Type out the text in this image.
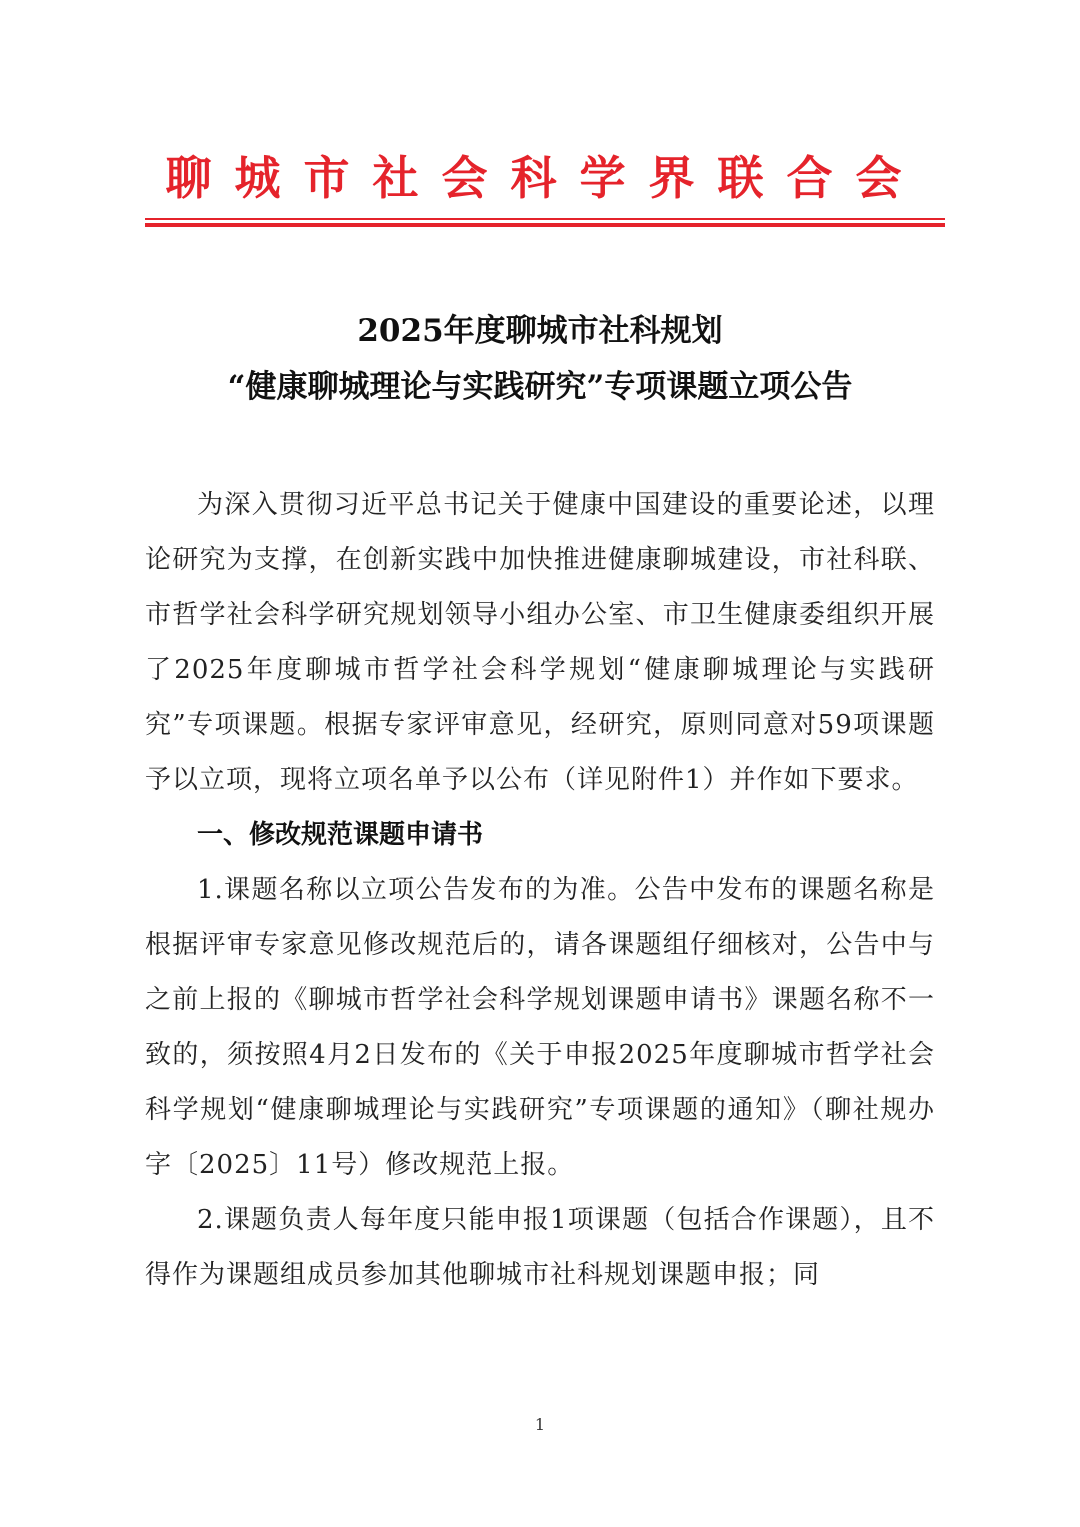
聊城市社会科学界联合会
2025年度聊城市社科规划
“健康聊城理论与实践研究”专项课题立项公告

为深入贯彻习近平总书记关于健康中国建设的重要论述，以理论研究为支撑，在创新实践中加快推进健康聊城建设，市社科联、市哲学社会科学研究规划领导小组办公室、市卫生健康委组织开展了2025年度聊城市哲学社会科学规划“健康聊城理论与实践研究”专项课题。根据专家评审意见，经研究，原则同意对59项课题予以立项，现将立项名单予以公布（详见附件1）并作如下要求。

一、修改规范课题申请书

1.课题名称以立项公告发布的为准。公告中发布的课题名称是根据评审专家意见修改规范后的，请各课题组仔细核对，公告中与之前上报的《聊城市哲学社会科学规划课题申请书》课题名称不一致的，须按照4月2日发布的《关于申报2025年度聊城市哲学社会科学规划“健康聊城理论与实践研究”专项课题的通知》（聊社规办字〔2025〕11号）修改规范上报。

2.课题负责人每年度只能申报1项课题（包括合作课题），且不得作为课题组成员参加其他聊城市社科规划课题申报；同

1
